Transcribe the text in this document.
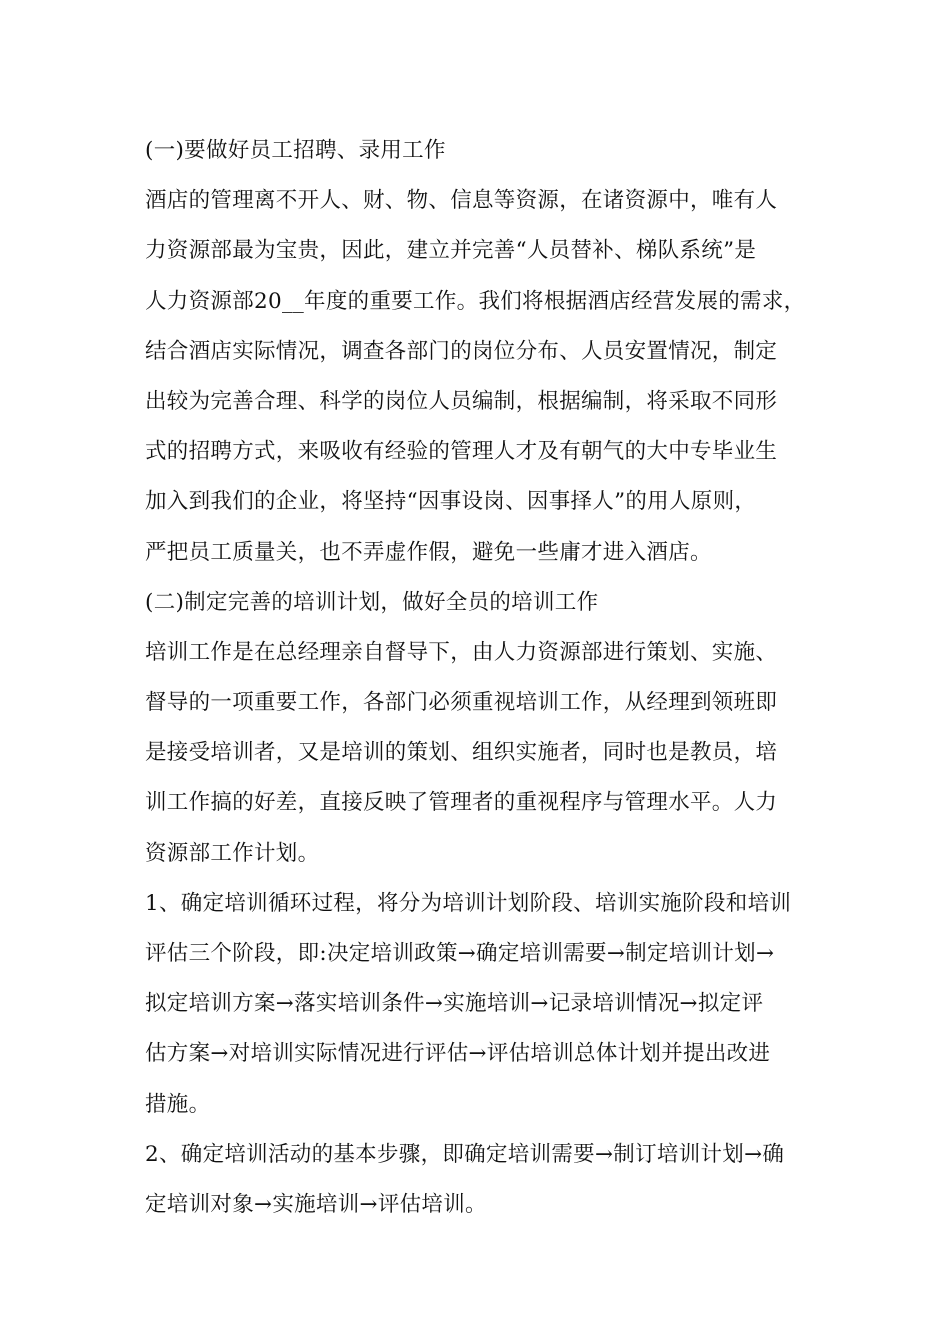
(一)要做好员工招聘、录用工作
酒店的管理离不开人、财、物、信息等资源，在诸资源中，唯有人
力资源部最为宝贵，因此，建立并完善“人员替补、梯队系统”是
人力资源部20__年度的重要工作。我们将根据酒店经营发展的需求，
结合酒店实际情况，调查各部门的岗位分布、人员安置情况，制定
出较为完善合理、科学的岗位人员编制，根据编制，将采取不同形
式的招聘方式，来吸收有经验的管理人才及有朝气的大中专毕业生
加入到我们的企业，将坚持“因事设岗、因事择人”的用人原则，
严把员工质量关，也不弄虚作假，避免一些庸才进入酒店。
(二)制定完善的培训计划，做好全员的培训工作
培训工作是在总经理亲自督导下，由人力资源部进行策划、实施、
督导的一项重要工作，各部门必须重视培训工作，从经理到领班即
是接受培训者，又是培训的策划、组织实施者，同时也是教员，培
训工作搞的好差，直接反映了管理者的重视程序与管理水平。人力
资源部工作计划。
1、确定培训循环过程，将分为培训计划阶段、培训实施阶段和培训
评估三个阶段，即:决定培训政策→确定培训需要→制定培训计划→
拟定培训方案→落实培训条件→实施培训→记录培训情况→拟定评
估方案→对培训实际情况进行评估→评估培训总体计划并提出改进
措施。
2、确定培训活动的基本步骤，即确定培训需要→制订培训计划→确
定培训对象→实施培训→评估培训。
